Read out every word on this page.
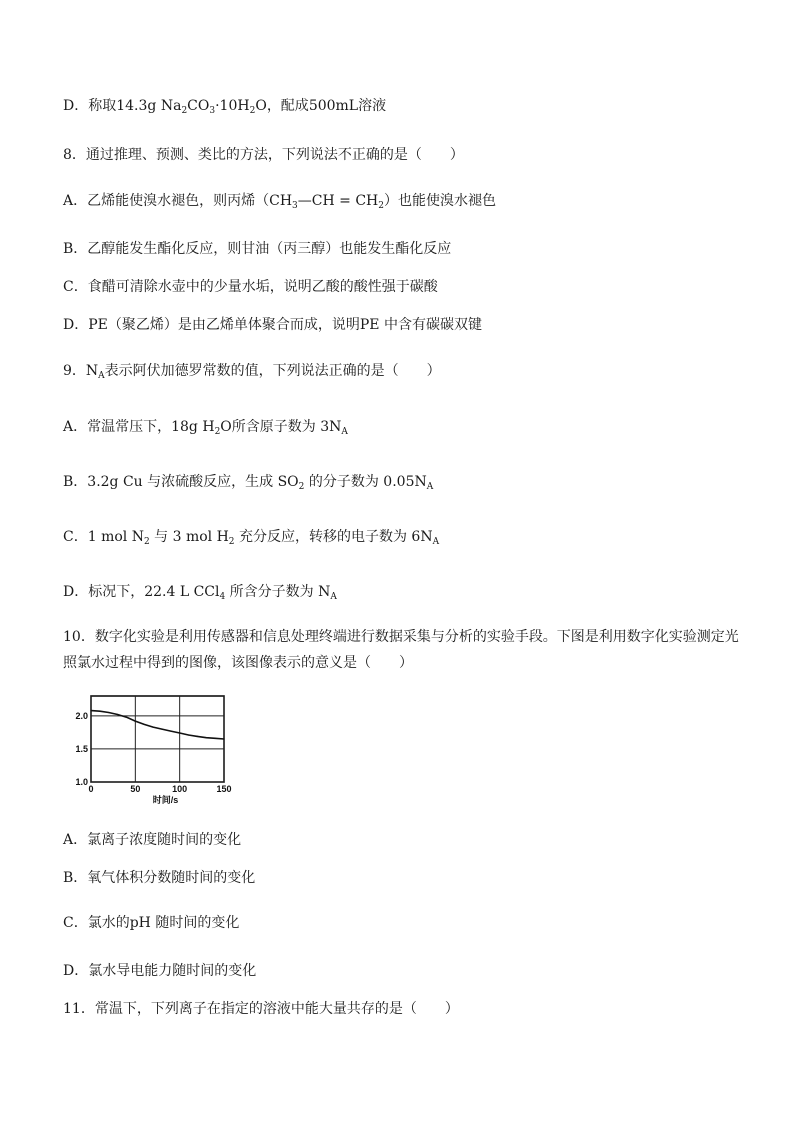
D．称取14.3g $Na_2CO_3\cdot 10H_2O$，配成500mL溶液
8．通过推理、预测、类比的方法，下列说法不正确的是（　　）
A．乙烯能使溴水褪色，则丙烯$(CH_3—CH = CH_2)$也能使溴水褪色
B．乙醇能发生酯化反应，则甘油（丙三醇）也能发生酯化反应
C．食醋可清除水壶中的少量水垢，说明乙酸的酸性强于碳酸
D．PE（聚乙烯）是由乙烯单体聚合而成，说明PE 中含有碳碳双键
9．$N_A$表示阿伏加德罗常数的值，下列说法正确的是（　　）
A．常温常压下，18g $H_2O$所含原子数为 $3N_A$
B．3.2g Cu 与浓硫酸反应，生成 $SO_2$ 的分子数为 $0.05N_A$
C．1 mol $N_2$ 与 3 mol $H_2$ 充分反应，转移的电子数为 $6N_A$
D．标况下，22.4 L CCl$_4$ 所含分子数为 $N_A$
10．数字化实验是利用传感器和信息处理终端进行数据采集与分析的实验手段。下图是利用数字化实验测定光照氯水过程中得到的图像，该图像表示的意义是（　　）
1.0
1.5
2.0
0	50	100	150
时间/s
A．氯离子浓度随时间的变化
B．氧气体积分数随时间的变化
C．氯水的pH 随时间的变化
D．氯水导电能力随时间的变化
11．常温下，下列离子在指定的溶液中能大量共存的是（　　）
